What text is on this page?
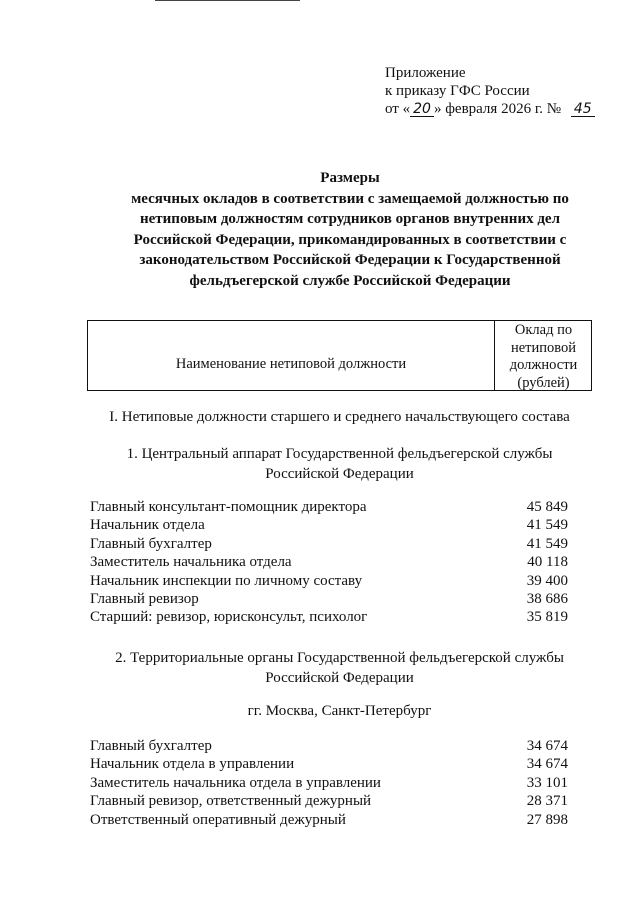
Приложение
к приказу ГФС России
от « 20 » февраля 2026 г. № 45
Размеры
месячных окладов в соответствии с замещаемой должностью по
нетиповым должностям сотрудников органов внутренних дел
Российской Федерации, прикомандированных в соответствии с
законодательством Российской Федерации к Государственной
фельдъегерской службе Российской Федерации
Наименование нетиповой должности
Оклад по
нетиповой
должности
(рублей)
I. Нетиповые должности старшего и среднего начальствующего состава
1. Центральный аппарат Государственной фельдъегерской службы
Российской Федерации
Главный консультант-помощник директора	45 849
Начальник отдела	41 549
Главный бухгалтер	41 549
Заместитель начальника отдела	40 118
Начальник инспекции по личному составу	39 400
Главный ревизор	38 686
Старший: ревизор, юрисконсульт, психолог	35 819
2. Территориальные органы Государственной фельдъегерской службы
Российской Федерации
гг. Москва, Санкт-Петербург
Главный бухгалтер	34 674
Начальник отдела в управлении	34 674
Заместитель начальника отдела в управлении	33 101
Главный ревизор, ответственный дежурный	28 371
Ответственный оперативный дежурный	27 898
